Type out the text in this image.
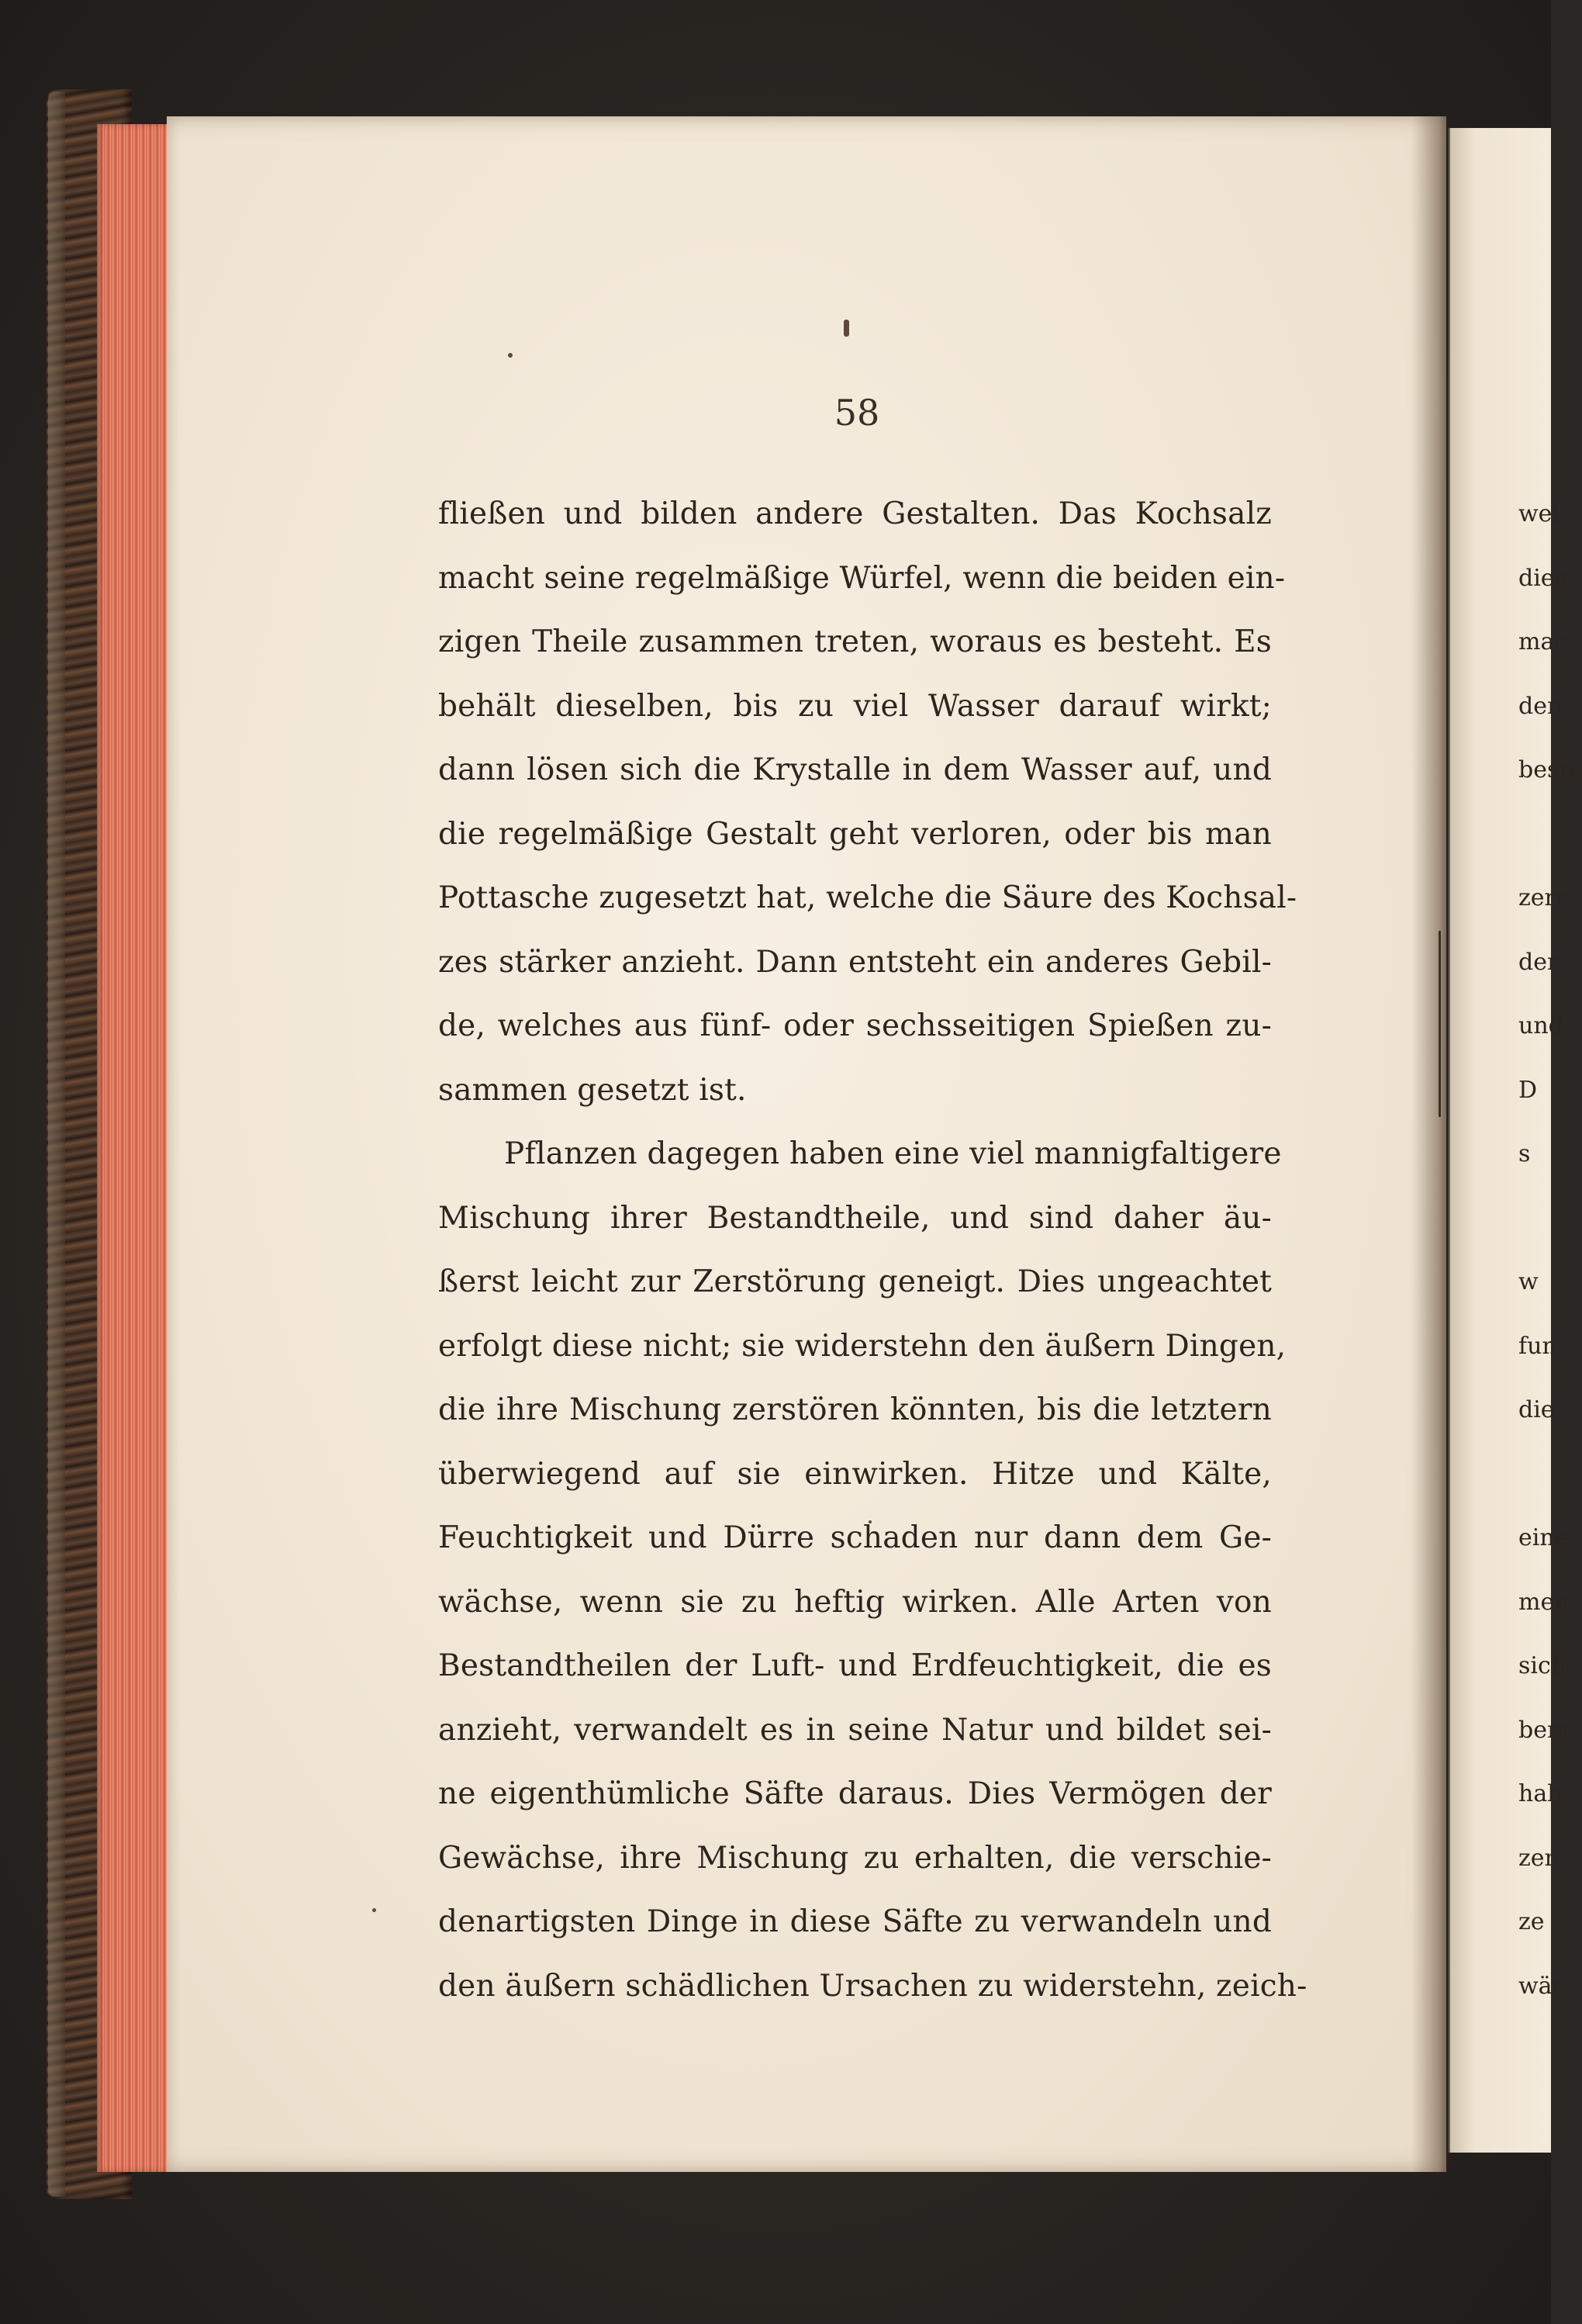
58
fließen und bilden andere Gestalten. Das Kochsalz
macht seine regelmäßige Würfel, wenn die beiden ein-
zigen Theile zusammen treten, woraus es besteht. Es
behält dieselben, bis zu viel Wasser darauf wirkt;
dann lösen sich die Krystalle in dem Wasser auf, und
die regelmäßige Gestalt geht verloren, oder bis man
Pottasche zugesetzt hat, welche die Säure des Kochsal-
zes stärker anzieht. Dann entsteht ein anderes Gebil-
de, welches aus fünf- oder sechsseitigen Spießen zu-
sammen gesetzt ist.
Pflanzen dagegen haben eine viel mannigfaltigere
Mischung ihrer Bestandtheile, und sind daher äu-
ßerst leicht zur Zerstörung geneigt. Dies ungeachtet
erfolgt diese nicht; sie widerstehn den äußern Dingen,
die ihre Mischung zerstören könnten, bis die letztern
überwiegend auf sie einwirken. Hitze und Kälte,
Feuchtigkeit und Dürre schaden nur dann dem Ge-
wächse, wenn sie zu heftig wirken. Alle Arten von
Bestandtheilen der Luft- und Erdfeuchtigkeit, die es
anzieht, verwandelt es in seine Natur und bildet sei-
ne eigenthümliche Säfte daraus. Dies Vermögen der
Gewächse, ihre Mischung zu erhalten, die verschie-
denartigsten Dinge in diese Säfte zu verwandeln und
den äußern schädlichen Ursachen zu widerstehn, zeich-
wel
dies
mac
den
beste
zerr
der
und
D
s
w
fun
die
eine
men
sich
bem
hab
zen
ze
wäc
